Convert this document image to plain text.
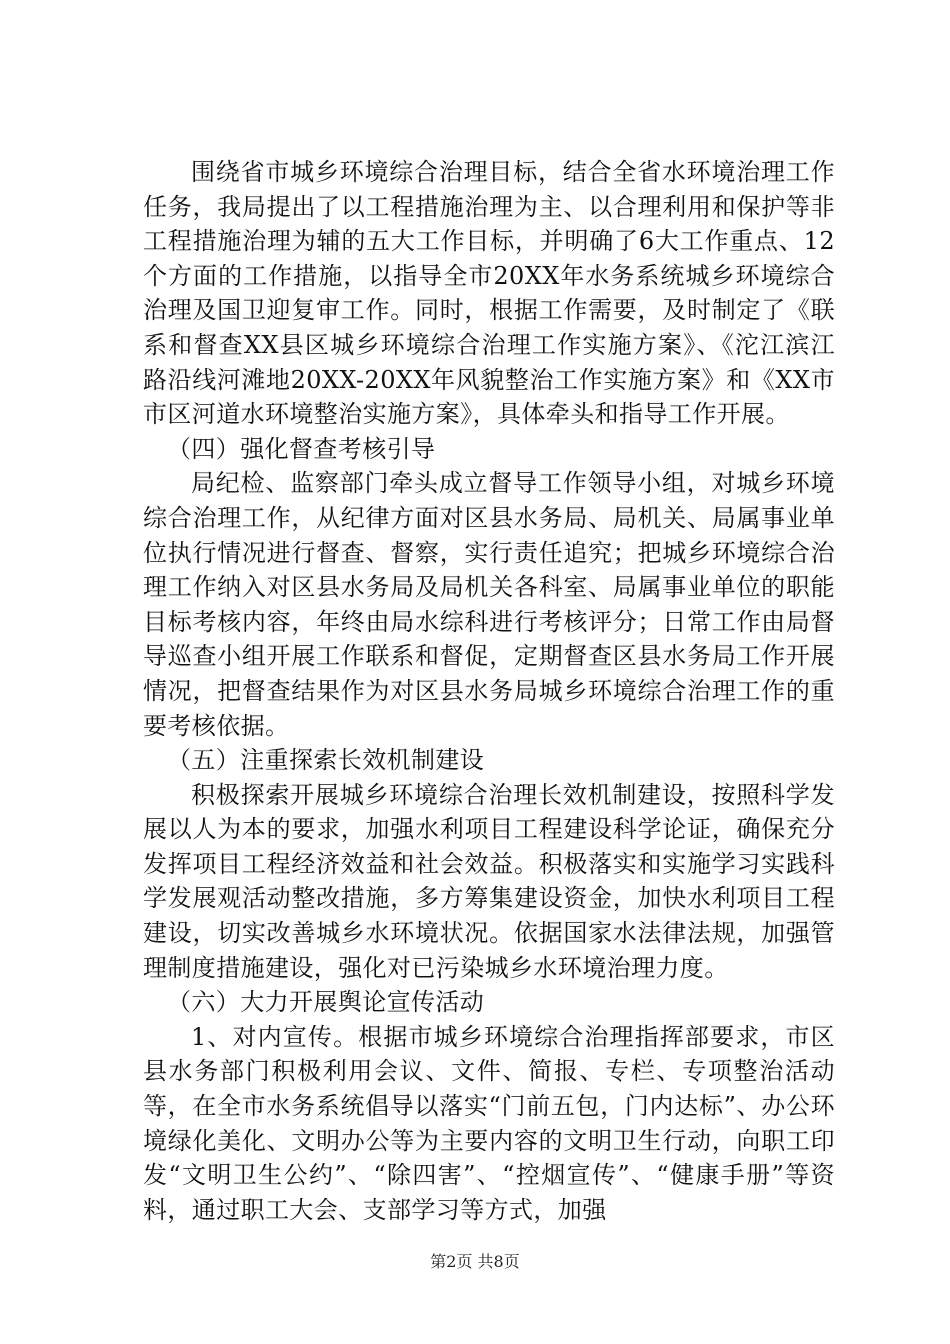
围绕省市城乡环境综合治理目标，结合全省水环境治理工作任务，我局提出了以工程措施治理为主、以合理利用和保护等非工程措施治理为辅的五大工作目标，并明确了6大工作重点、12个方面的工作措施，以指导全市20XX年水务系统城乡环境综合治理及国卫迎复审工作。同时，根据工作需要，及时制定了《联系和督查XX县区城乡环境综合治理工作实施方案》、《沱江滨江路沿线河滩地20XX-20XX年风貌整治工作实施方案》和《XX市市区河道水环境整治实施方案》，具体牵头和指导工作开展。

（四）强化督查考核引导

局纪检、监察部门牵头成立督导工作领导小组，对城乡环境综合治理工作，从纪律方面对区县水务局、局机关、局属事业单位执行情况进行督查、督察，实行责任追究；把城乡环境综合治理工作纳入对区县水务局及局机关各科室、局属事业单位的职能目标考核内容，年终由局水综科进行考核评分；日常工作由局督导巡查小组开展工作联系和督促，定期督查区县水务局工作开展情况，把督查结果作为对区县水务局城乡环境综合治理工作的重要考核依据。

（五）注重探索长效机制建设

积极探索开展城乡环境综合治理长效机制建设，按照科学发展以人为本的要求，加强水利项目工程建设科学论证，确保充分发挥项目工程经济效益和社会效益。积极落实和实施学习实践科学发展观活动整改措施，多方筹集建设资金，加快水利项目工程建设，切实改善城乡水环境状况。依据国家水法律法规，加强管理制度措施建设，强化对已污染城乡水环境治理力度。

（六）大力开展舆论宣传活动

1、对内宣传。根据市城乡环境综合治理指挥部要求，市区县水务部门积极利用会议、文件、简报、专栏、专项整治活动等，在全市水务系统倡导以落实“门前五包，门内达标”、办公环境绿化美化、文明办公等为主要内容的文明卫生行动，向职工印发“文明卫生公约”、“除四害”、“控烟宣传”、“健康手册”等资料，通过职工大会、支部学习等方式，加强

第2页 共8页
